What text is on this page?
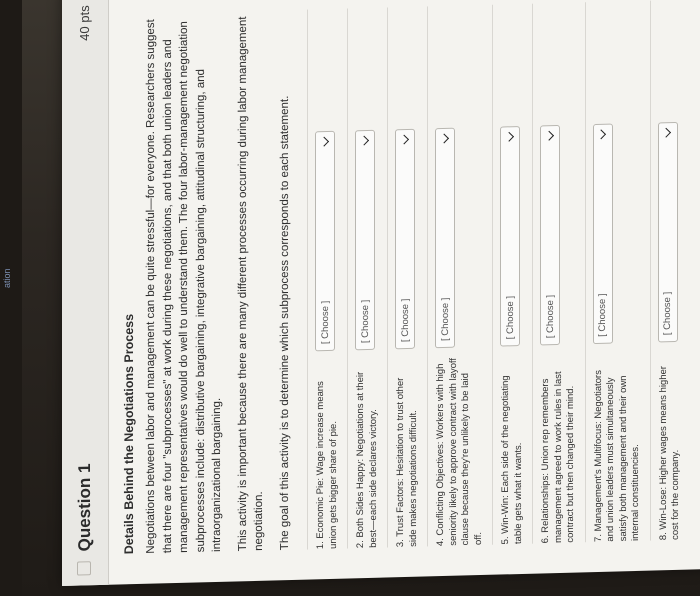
ation
Question 1
40 pts
Details Behind the Negotiations Process Negotiations between labor and management can be quite stressful—for everyone. Researchers suggest that there are four "subprocesses" at work during these negotiations, and that both union leaders and management representatives would do well to understand them. The four labor-management negotiation subprocesses include: distributive bargaining, integrative bargaining, attitudinal structuring, and intraorganizational bargaining. This activity is important because there are many different processes occurring during labor management negotiation. The goal of this activity is to determine which subprocess corresponds to each statement.	1. Economic Pie: Wage increase means union gets bigger share of pie.
[ Choose ]
2. Both Sides Happy: Negotiations at their best—each side declares victory.
[ Choose ]
3. Trust Factors: Hesitation to trust other side makes negotiations difficult.
[ Choose ]
4. Conflicting Objectives: Workers with high seniority likely to approve contract with layoff clause because they're unlikely to be laid off.
[ Choose ]
5. Win-Win: Each side of the negotiating table gets what it wants.
[ Choose ]
6. Relationships: Union rep remembers management agreed to work rules in last contract but then changed their mind.
[ Choose ]
7. Management's Multifocus: Negotiators and union leaders must simultaneously satisfy both management and their own internal constituencies.
[ Choose ]
8. Win-Lose: Higher wages means higher cost for the company.
[ Choose ]
